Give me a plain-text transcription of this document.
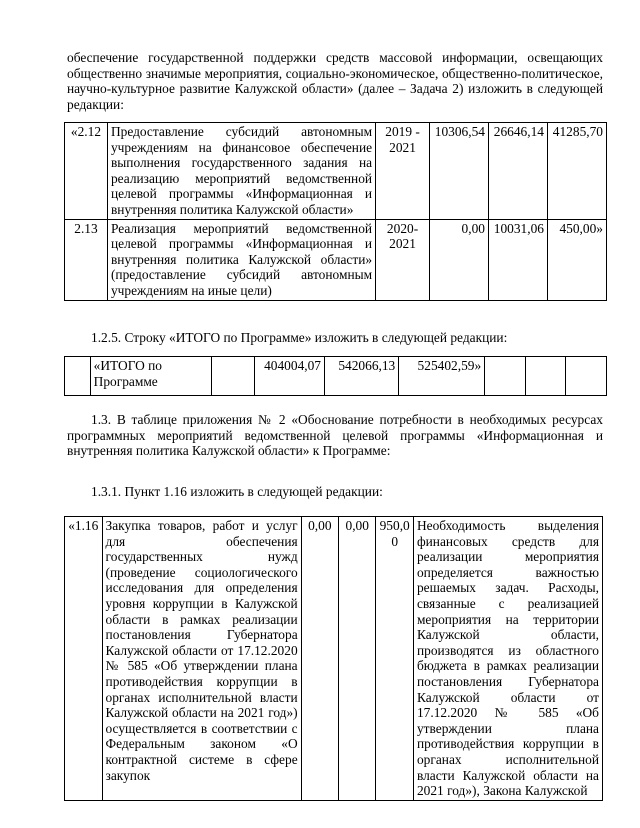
обеспечение государственной поддержки средств массовой информации, освещающих общественно значимые мероприятия, социально-экономическое, общественно-политическое, научно-культурное развитие Калужской области» (далее – Задача 2) изложить в следующей редакции:
«2.12	Предоставление субсидий автономным учреждениям на финансовое обеспечение выполнения государственного задания на реализацию мероприятий ведомственной целевой программы «Информационная и внутренняя политика Калужской области»	2019 - 2021	10306,54	26646,14	41285,70
2.13	Реализация мероприятий ведомственной целевой программы «Информационная и внутренняя политика Калужской области» (предоставление субсидий автономным учреждениям на иные цели)	2020- 2021	0,00	10031,06	450,00»
1.2.5. Строку «ИТОГО по Программе» изложить в следующей редакции:
	«ИТОГО по Программе		404004,07	542066,13	525402,59»			
1.3. В таблице приложения № 2 «Обоснование потребности в необходимых ресурсах программных мероприятий ведомственной целевой программы «Информационная и внутренняя политика Калужской области» к Программе:
1.3.1. Пункт 1.16 изложить в следующей редакции:
«1.16	Закупка товаров, работ и услуг для обеспечения государственных нужд (проведение социологического исследования для определения уровня коррупции в Калужской области в рамках реализации постановления Губернатора Калужской области от 17.12.2020 № 585 «Об утверждении плана противодействия коррупции в органах исполнительной власти Калужской области на 2021 год») осуществляется в соответствии с Федеральным законом «О контрактной системе в сфере закупок	0,00	0,00	950,0 0	Необходимость выделения финансовых средств для реализации мероприятия определяется важностью решаемых задач. Расходы, связанные с реализацией мероприятия на территории Калужской области, производятся из областного бюджета в рамках реализации постановления Губернатора Калужской области от 17.12.2020 № 585 «Об утверждении плана противодействия коррупции в органах исполнительной власти Калужской области на 2021 год»), Закона Калужской
